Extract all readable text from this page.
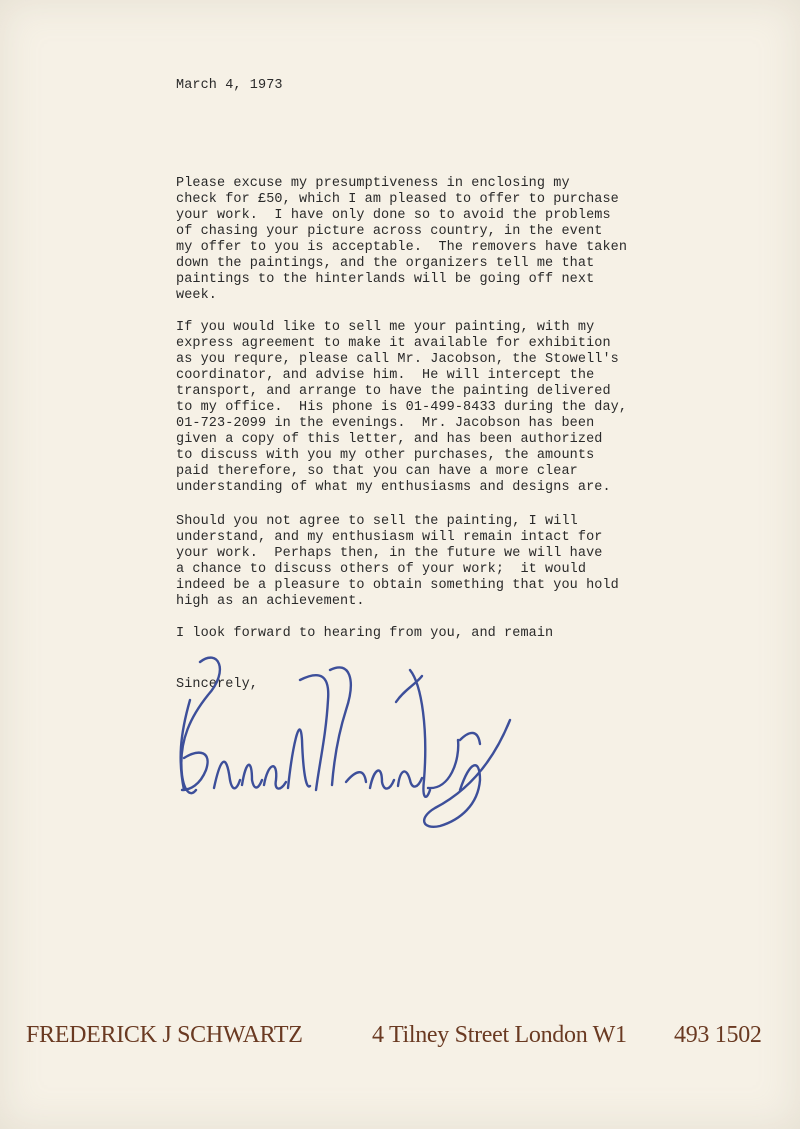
March 4, 1973
Please excuse my presumptiveness in enclosing my
check for £50, which I am pleased to offer to purchase
your work.  I have only done so to avoid the problems
of chasing your picture across country, in the event
my offer to you is acceptable.  The removers have taken
down the paintings, and the organizers tell me that
paintings to the hinterlands will be going off next
week.
If you would like to sell me your painting, with my
express agreement to make it available for exhibition
as you requre, please call Mr. Jacobson, the Stowell's
coordinator, and advise him.  He will intercept the
transport, and arrange to have the painting delivered
to my office.  His phone is 01-499-8433 during the day,
01-723-2099 in the evenings.  Mr. Jacobson has been
given a copy of this letter, and has been authorized
to discuss with you my other purchases, the amounts
paid therefore, so that you can have a more clear
understanding of what my enthusiasms and designs are.
Should you not agree to sell the painting, I will
understand, and my enthusiasm will remain intact for
your work.  Perhaps then, in the future we will have
a chance to discuss others of your work;  it would
indeed be a pleasure to obtain something that you hold
high as an achievement.
I look forward to hearing from you, and remain
Sincerely,
FREDERICK J SCHWARTZ	4 Tilney Street London W1 493 1502
